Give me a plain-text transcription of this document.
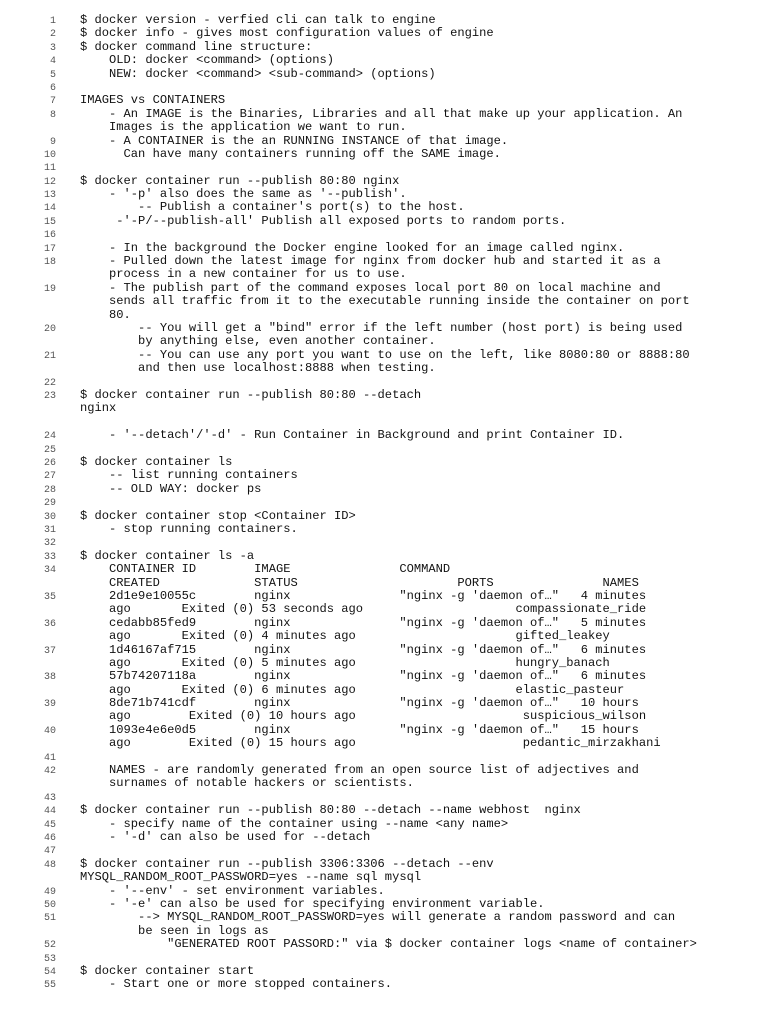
1 $ docker version - verfied cli can talk to engine
2 $ docker info - gives most configuration values of engine
3 $ docker command line structure:
4 OLD: docker <command> (options)
5 NEW: docker <command> <sub-command> (options)
6
7 IMAGES vs CONTAINERS
8 - An IMAGE is the Binaries, Libraries and all that make up your application. An
Images is the application we want to run.
9 - A CONTAINER is the an RUNNING INSTANCE of that image.
10 Can have many containers running off the SAME image.
11
12 $ docker container run --publish 80:80 nginx
13 - '-p' also does the same as '--publish'.
14 -- Publish a container's port(s) to the host.
15 -'-P/--publish-all' Publish all exposed ports to random ports.
16
17 - In the background the Docker engine looked for an image called nginx.
18 - Pulled down the latest image for nginx from docker hub and started it as a
process in a new container for us to use.
19 - The publish part of the command exposes local port 80 on local machine and
sends all traffic from it to the executable running inside the container on port
80.
20 -- You will get a "bind" error if the left number (host port) is being used
by anything else, even another container.
21 -- You can use any port you want to use on the left, like 8080:80 or 8888:80
and then use localhost:8888 when testing.
22
23 $ docker container run --publish 80:80 --detach
nginx
24 - '--detach'/'-d' - Run Container in Background and print Container ID.
25
26 $ docker container ls
27 -- list running containers
28 -- OLD WAY: docker ps
29
30 $ docker container stop <Container ID>
31 - stop running containers.
32
33 $ docker container ls -a
34 CONTAINER ID        IMAGE               COMMAND
CREATED             STATUS                      PORTS               NAMES
35 2d1e9e10055c        nginx               "nginx -g 'daemon of…"   4 minutes
ago       Exited (0) 53 seconds ago                     compassionate_ride
36 cedabb85fed9        nginx               "nginx -g 'daemon of…"   5 minutes
ago       Exited (0) 4 minutes ago                      gifted_leakey
37 1d46167af715        nginx               "nginx -g 'daemon of…"   6 minutes
ago       Exited (0) 5 minutes ago                      hungry_banach
38 57b74207118a        nginx               "nginx -g 'daemon of…"   6 minutes
ago       Exited (0) 6 minutes ago                      elastic_pasteur
39 8de71b741cdf        nginx               "nginx -g 'daemon of…"   10 hours
ago        Exited (0) 10 hours ago                       suspicious_wilson
40 1093e4e6e0d5        nginx               "nginx -g 'daemon of…"   15 hours
ago        Exited (0) 15 hours ago                       pedantic_mirzakhani
41
42 NAMES - are randomly generated from an open source list of adjectives and
surnames of notable hackers or scientists.
43
44 $ docker container run --publish 80:80 --detach --name webhost  nginx
45 - specify name of the container using --name <any name>
46 - '-d' can also be used for --detach
47
48 $ docker container run --publish 3306:3306 --detach --env
MYSQL_RANDOM_ROOT_PASSWORD=yes --name sql mysql
49 - '--env' - set environment variables.
50 - '-e' can also be used for specifying environment variable.
51 --> MYSQL_RANDOM_ROOT_PASSWORD=yes will generate a random password and can
be seen in logs as
52 "GENERATED ROOT PASSORD:" via $ docker container logs <name of container>
53
54 $ docker container start
55 - Start one or more stopped containers.
